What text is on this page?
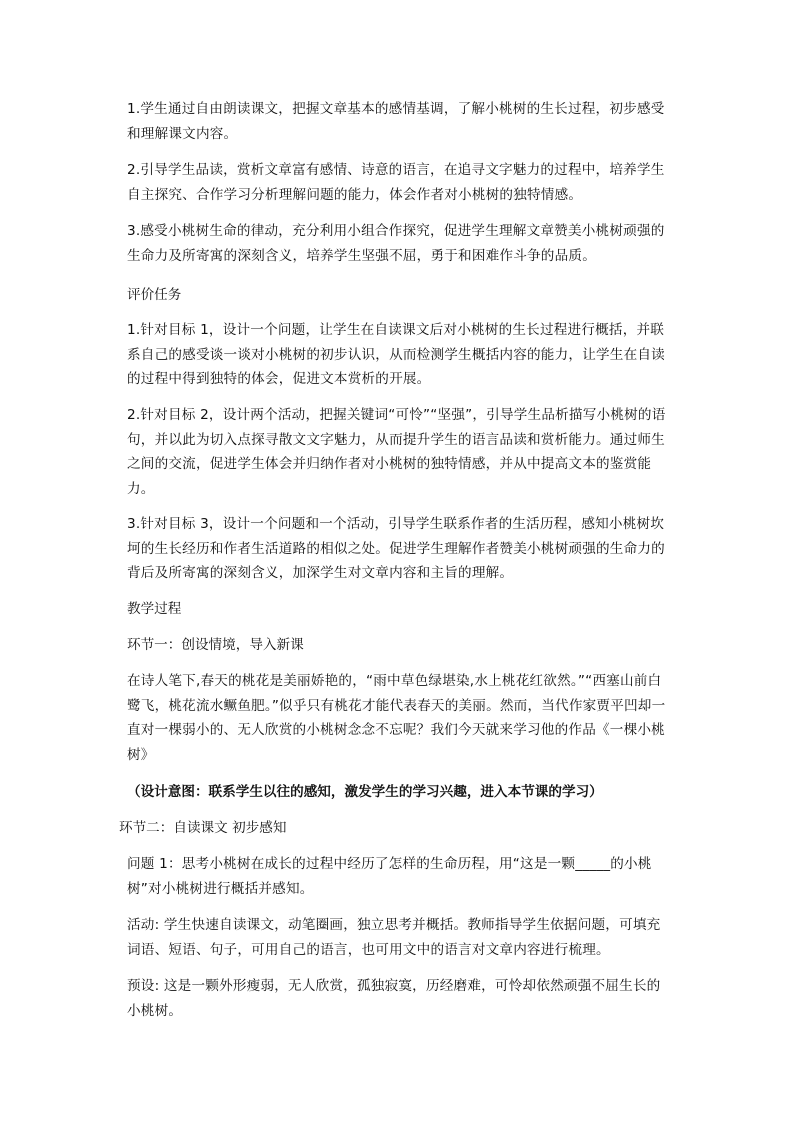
1.学生通过自由朗读课文，把握文章基本的感情基调，了解小桃树的生长过程，初步感受和理解课文内容。

2.引导学生品读，赏析文章富有感情、诗意的语言，在追寻文字魅力的过程中，培养学生自主探究、合作学习分析理解问题的能力，体会作者对小桃树的独特情感。

3.感受小桃树生命的律动，充分利用小组合作探究，促进学生理解文章赞美小桃树顽强的生命力及所寄寓的深刻含义，培养学生坚强不屈，勇于和困难作斗争的品质。

评价任务

1.针对目标 1，设计一个问题，让学生在自读课文后对小桃树的生长过程进行概括，并联系自己的感受谈一谈对小桃树的初步认识，从而检测学生概括内容的能力，让学生在自读的过程中得到独特的体会，促进文本赏析的开展。

2.针对目标 2，设计两个活动，把握关键词“可怜”“坚强”，引导学生品析描写小桃树的语句，并以此为切入点探寻散文文字魅力，从而提升学生的语言品读和赏析能力。通过师生之间的交流，促进学生体会并归纳作者对小桃树的独特情感，并从中提高文本的鉴赏能力。

3.针对目标 3，设计一个问题和一个活动，引导学生联系作者的生活历程，感知小桃树坎坷的生长经历和作者生活道路的相似之处。促进学生理解作者赞美小桃树顽强的生命力的背后及所寄寓的深刻含义，加深学生对文章内容和主旨的理解。

教学过程

环节一：创设情境，导入新课

在诗人笔下,春天的桃花是美丽娇艳的，“雨中草色绿堪染,水上桃花红欲然。”“西塞山前白鹭飞，桃花流水鳜鱼肥。”似乎只有桃花才能代表春天的美丽。然而，当代作家贾平凹却一直对一棵弱小的、无人欣赏的小桃树念念不忘呢？我们今天就来学习他的作品《一棵小桃树》

（设计意图：联系学生以往的感知，激发学生的学习兴趣，进入本节课的学习）

环节二：自读课文 初步感知

问题 1：思考小桃树在成长的过程中经历了怎样的生命历程，用“这是一颗_____的小桃树”对小桃树进行概括并感知。

活动: 学生快速自读课文，动笔圈画，独立思考并概括。教师指导学生依据问题，可填充词语、短语、句子，可用自己的语言，也可用文中的语言对文章内容进行梳理。

预设: 这是一颗外形瘦弱，无人欣赏，孤独寂寞，历经磨难，可怜却依然顽强不屈生长的小桃树。
